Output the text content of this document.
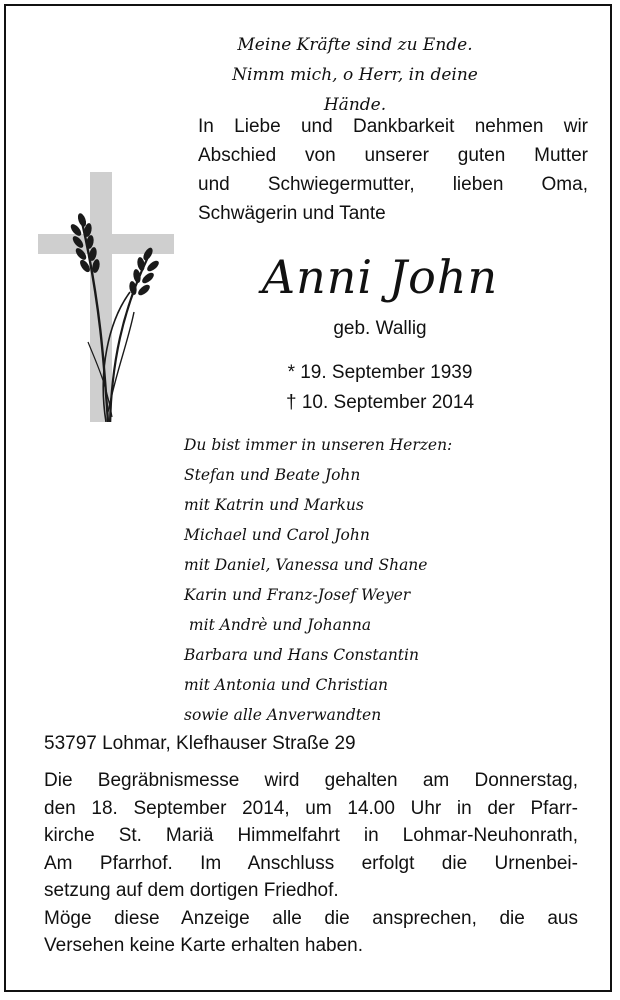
Meine Kräfte sind zu Ende.
Nimm mich, o Herr, in deine Hände.
In Liebe und Dankbarkeit nehmen wir
Abschied von unserer guten Mutter
und Schwiegermutter, lieben Oma,
Schwägerin und Tante
Anni John
geb. Wallig
* 19. September 1939
† 10. September 2014
Du bist immer in unseren Herzen:
Stefan und Beate John
mit Katrin und Markus
Michael und Carol John
mit Daniel, Vanessa und Shane
Karin und Franz-Josef Weyer
mit Andrè und Johanna
Barbara und Hans Constantin
mit Antonia und Christian
sowie alle Anverwandten
53797 Lohmar, Klefhauser Straße 29
Die Begräbnismesse wird gehalten am Donnerstag,
den 18. September 2014, um 14.00 Uhr in der Pfarr-
kirche St. Mariä Himmelfahrt in Lohmar-Neuhonrath,
Am Pfarrhof. Im Anschluss erfolgt die Urnenbei-
setzung auf dem dortigen Friedhof.
Möge diese Anzeige alle die ansprechen, die aus
Versehen keine Karte erhalten haben.
